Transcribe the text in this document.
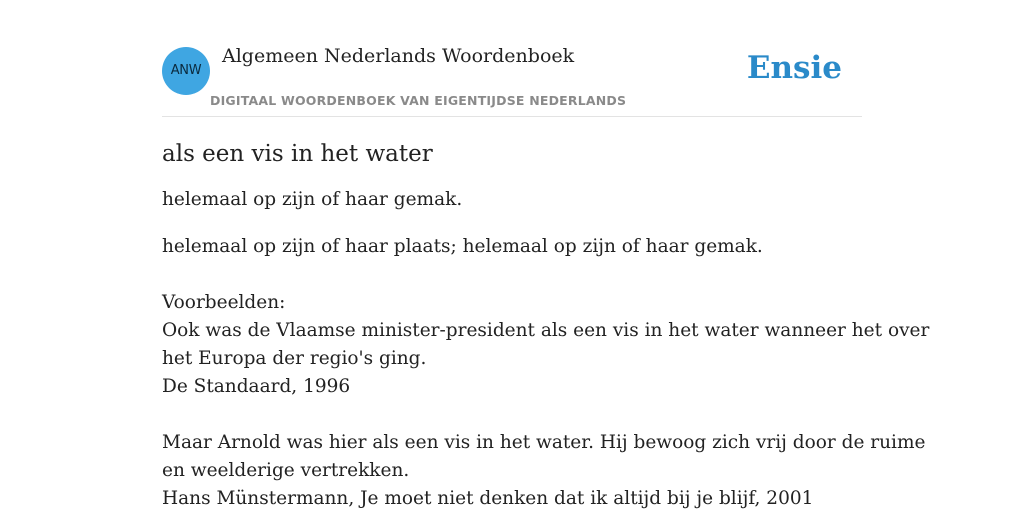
ANW
Algemeen Nederlands Woordenboek
DIGITAAL WOORDENBOEK VAN EIGENTIJDSE NEDERLANDS
Ensie
als een vis in het water
helemaal op zijn of haar gemak.
helemaal op zijn of haar plaats; helemaal op zijn of haar gemak.
Voorbeelden:
Ook was de Vlaamse minister-president als een vis in het water wanneer het over
het Europa der regio's ging.
De Standaard, 1996
Maar Arnold was hier als een vis in het water. Hij bewoog zich vrij door de ruime
en weelderige vertrekken.
Hans Münstermann, Je moet niet denken dat ik altijd bij je blijf, 2001
